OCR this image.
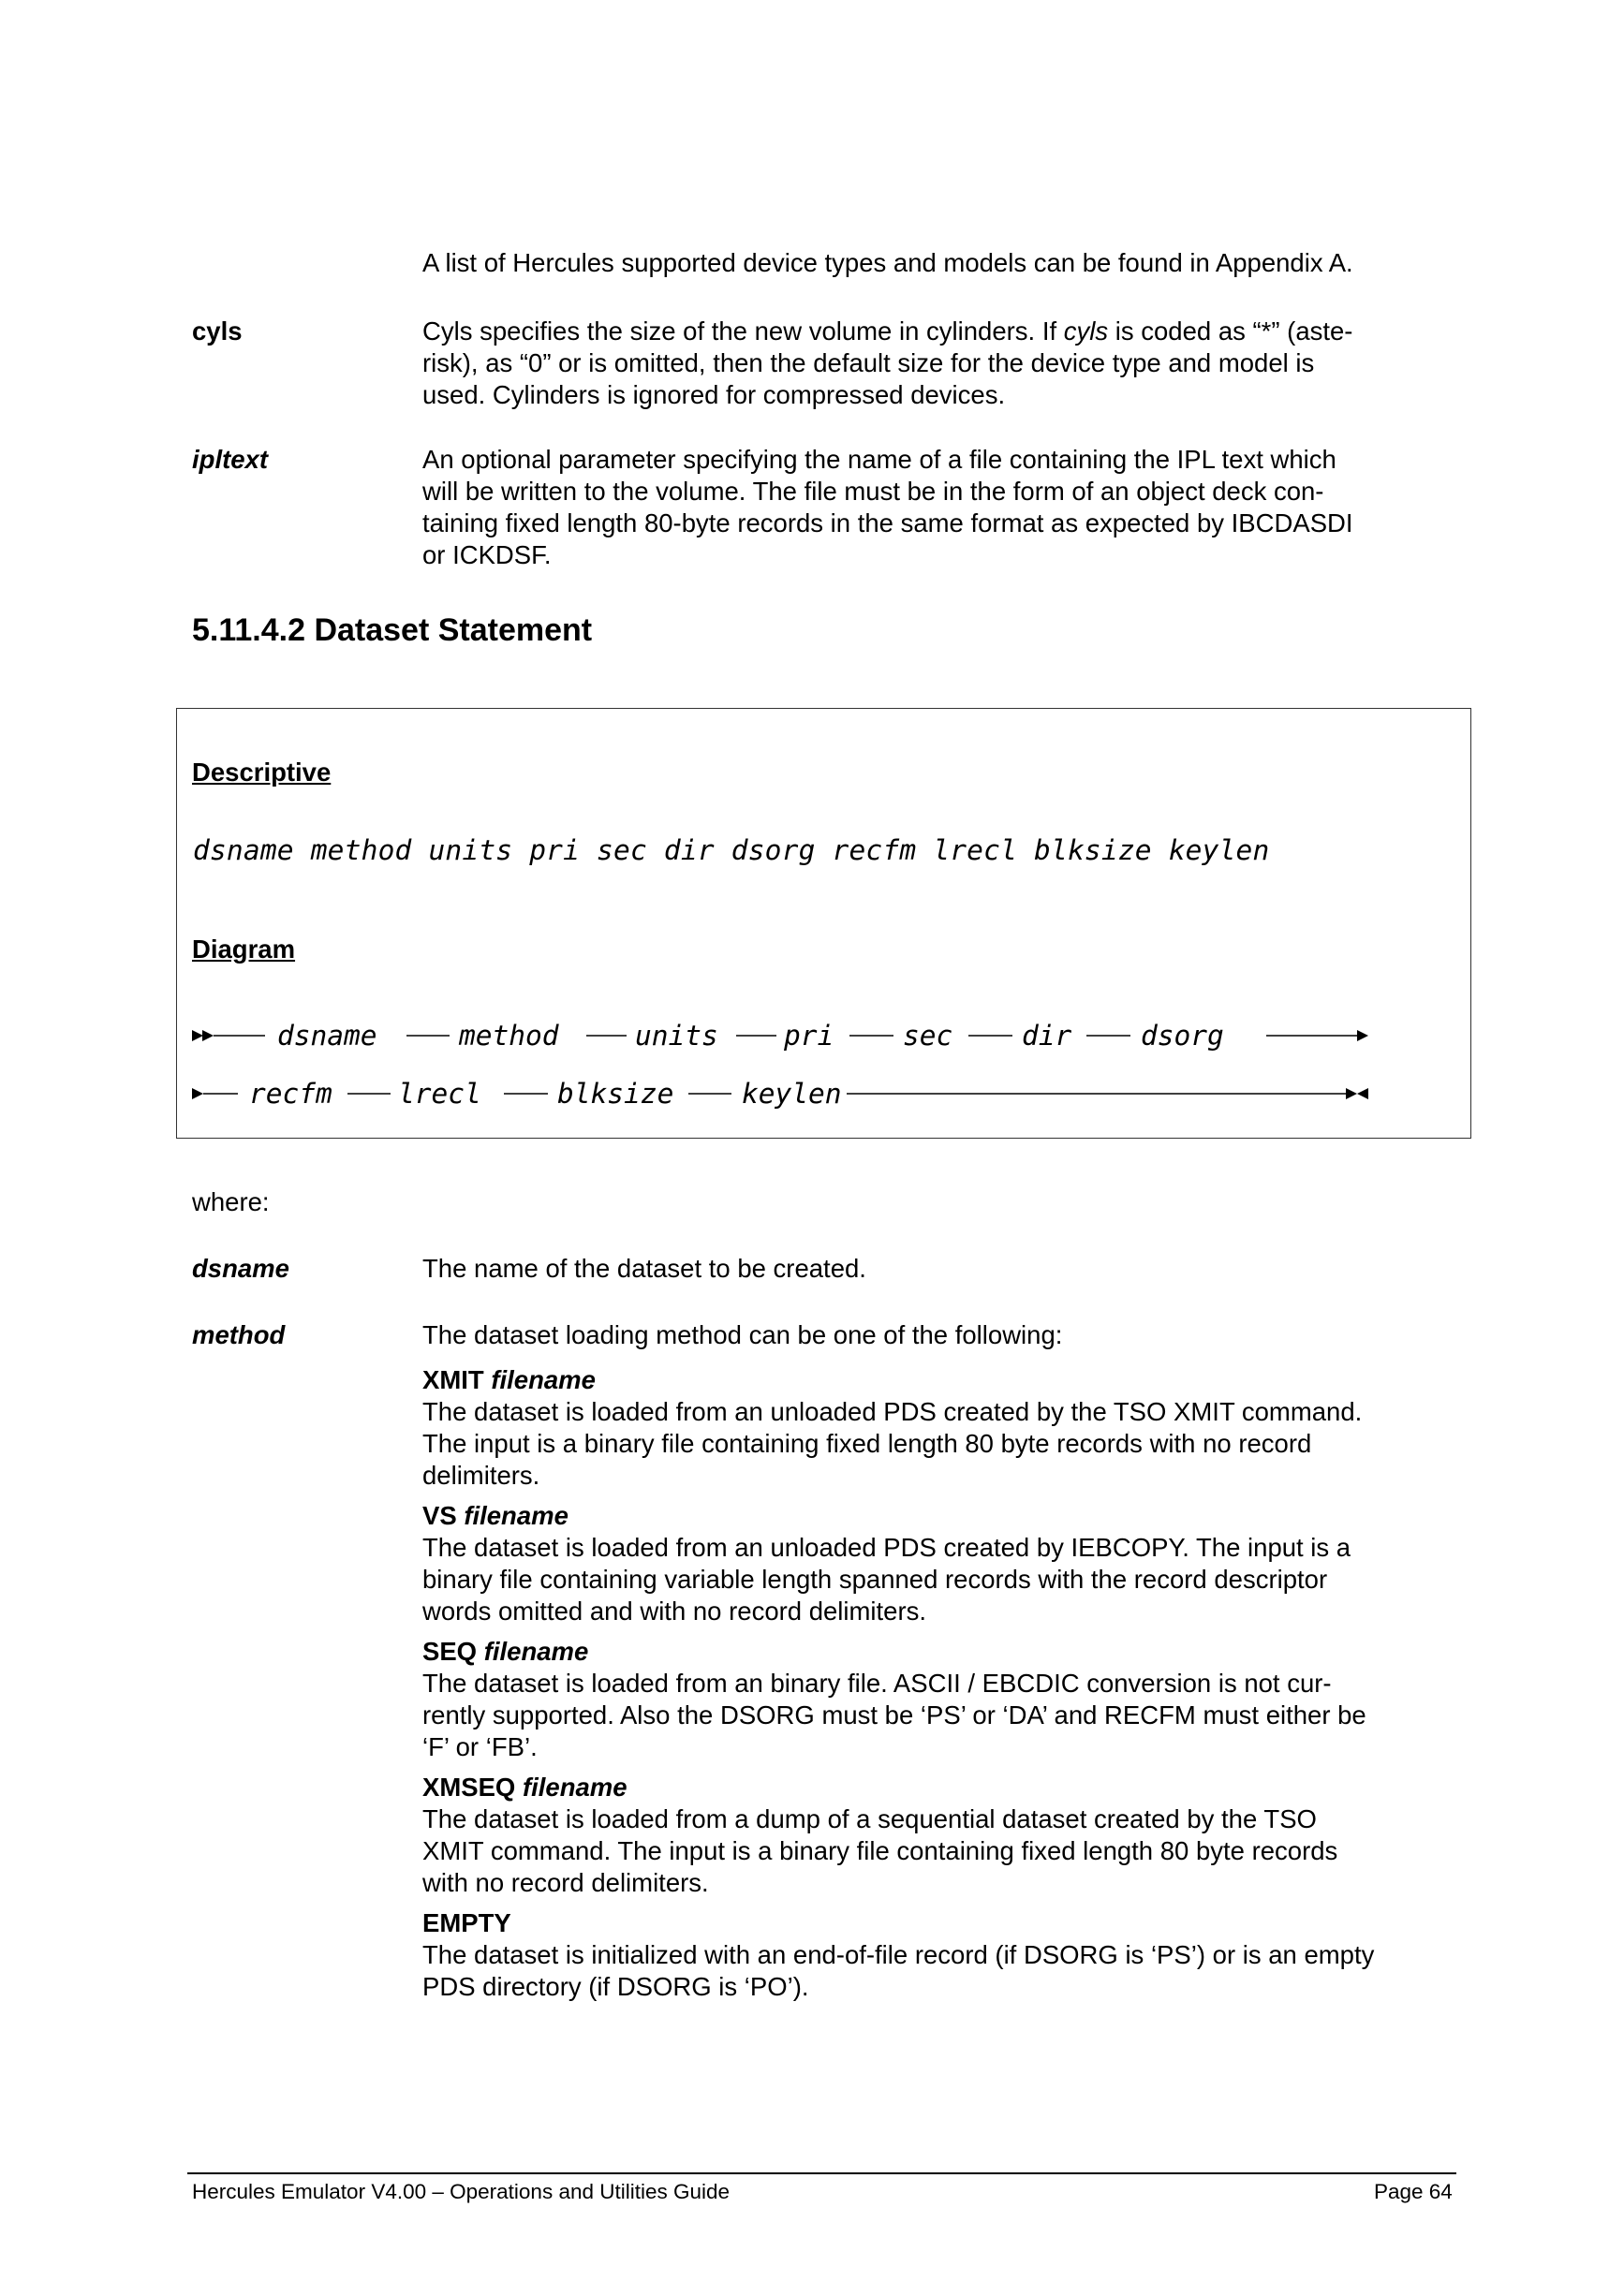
A list of Hercules supported device types and models can be found in Appendix A.
cyls	Cyls specifies the size of the new volume in cylinders. If cyls is coded as “*” (aste-
risk), as “0” or is omitted, then the default size for the device type and model is
used. Cylinders is ignored for compressed devices.
ipltext	An optional parameter specifying the name of a file containing the IPL text which
will be written to the volume. The file must be in the form of an object deck con-
taining fixed length 80-byte records in the same format as expected by IBCDASDI
or ICKDSF.
5.11.4.2 Dataset Statement
Descriptive
dsname method units pri sec dir dsorg recfm lrecl blksize keylen
Diagram
dsname	method	units pri sec dir dsorg
recfm lrecl	blksize keylen
where:
dsname	The name of the dataset to be created.
method	The dataset loading method can be one of the following:
XMIT filename
The dataset is loaded from an unloaded PDS created by the TSO XMIT command.
The input is a binary file containing fixed length 80 byte records with no record
delimiters.
VS filename
The dataset is loaded from an unloaded PDS created by IEBCOPY. The input is a
binary file containing variable length spanned records with the record descriptor
words omitted and with no record delimiters.
SEQ filename
The dataset is loaded from an binary file. ASCII / EBCDIC conversion is not cur-
rently supported. Also the DSORG must be ‘PS’ or ‘DA’ and RECFM must either be
‘F’ or ‘FB’.
XMSEQ filename
The dataset is loaded from a dump of a sequential dataset created by the TSO
XMIT command. The input is a binary file containing fixed length 80 byte records
with no record delimiters.
EMPTY
The dataset is initialized with an end-of-file record (if DSORG is ‘PS’) or is an empty
PDS directory (if DSORG is ‘PO’).
Hercules Emulator V4.00 – Operations and Utilities Guide	Page 64
